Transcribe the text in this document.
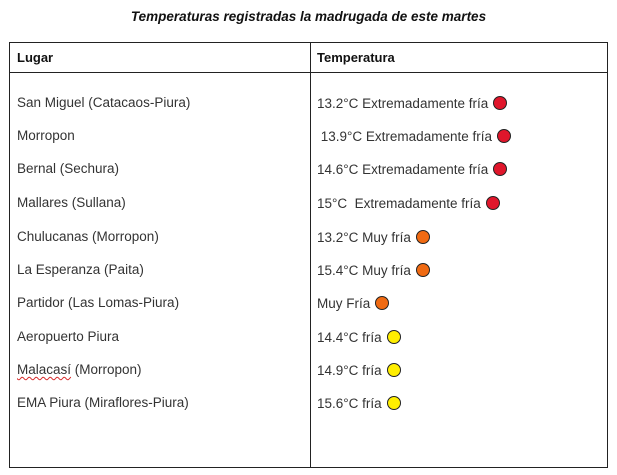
Temperaturas registradas la madrugada de este martes
Lugar	Temperatura
San Miguel (Catacaos-Piura)	13.2°C Extremadamente fría
Morropon	13.9°C Extremadamente fría
Bernal (Sechura)	14.6°C Extremadamente fría
Mallares (Sullana)	15°C  Extremadamente fría
Chulucanas (Morropon)	13.2°C Muy fría
La Esperanza (Paita)	15.4°C Muy fría
Partidor (Las Lomas-Piura)	Muy Fría
Aeropuerto Piura	14.4°C fría
Malacasí (Morropon)	14.9°C fría
EMA Piura (Miraflores-Piura)	15.6°C fría
